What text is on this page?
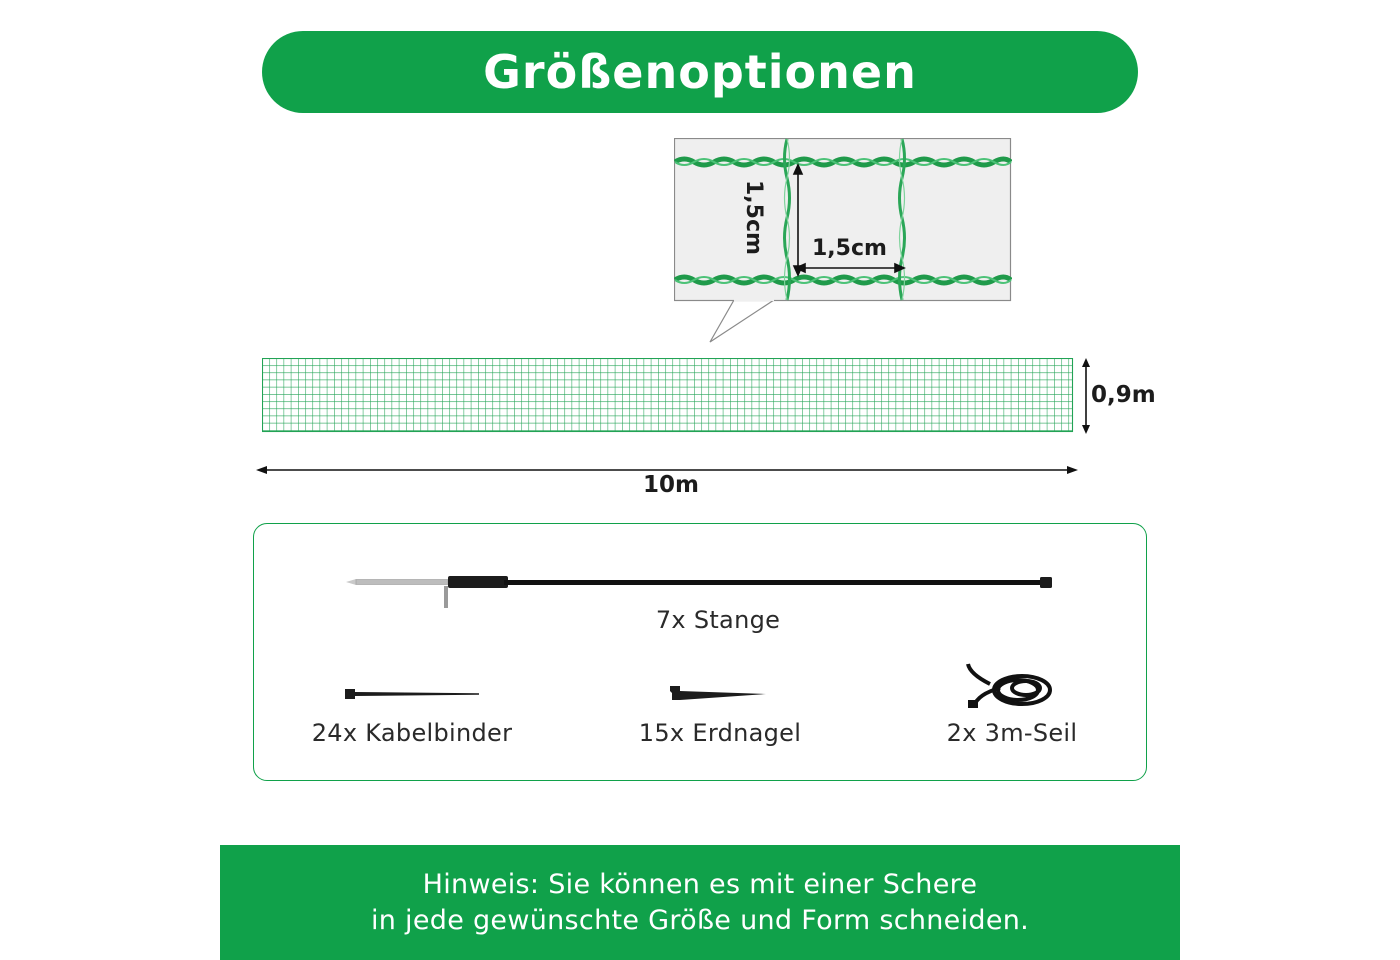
Größenoptionen
1,5cm 1,5cm
0,9m
10m
7x Stange
24x Kabelbinder	15x Erdnagel	2x 3m-Seil
Hinweis: Sie können es mit einer Schere
in jede gewünschte Größe und Form schneiden.
